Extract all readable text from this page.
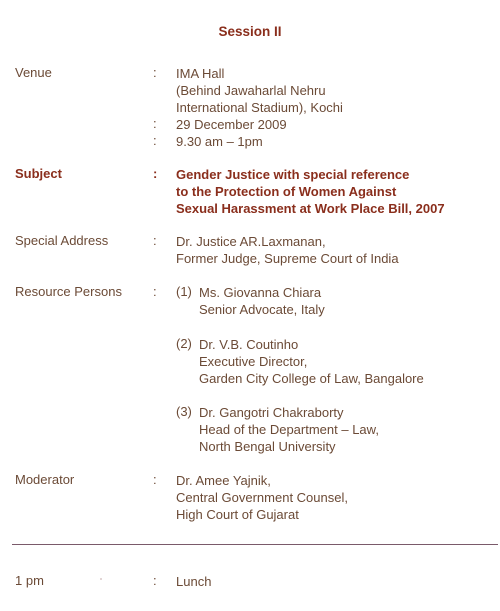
Session II
Venue	: IMA Hall
(Behind Jawaharlal Nehru
International Stadium), Kochi
: 29 December 2009
: 9.30 am – 1pm
Subject	: Gender Justice with special reference
to the Protection of Women Against
Sexual Harassment at Work Place Bill, 2007
Special Address	: Dr. Justice AR.Laxmanan,
Former Judge, Supreme Court of India
Resource Persons : (1) Ms. Giovanna Chiara
Senior Advocate, Italy
(2) Dr. V.B. Coutinho
Executive Director,
Garden City College of Law, Bangalore
(3) Dr. Gangotri Chakraborty
Head of the Department – Law,
North Bengal University
Moderator	: Dr. Amee Yajnik,
Central Government Counsel,
High Court of Gujarat
1 pm	: Lunch
